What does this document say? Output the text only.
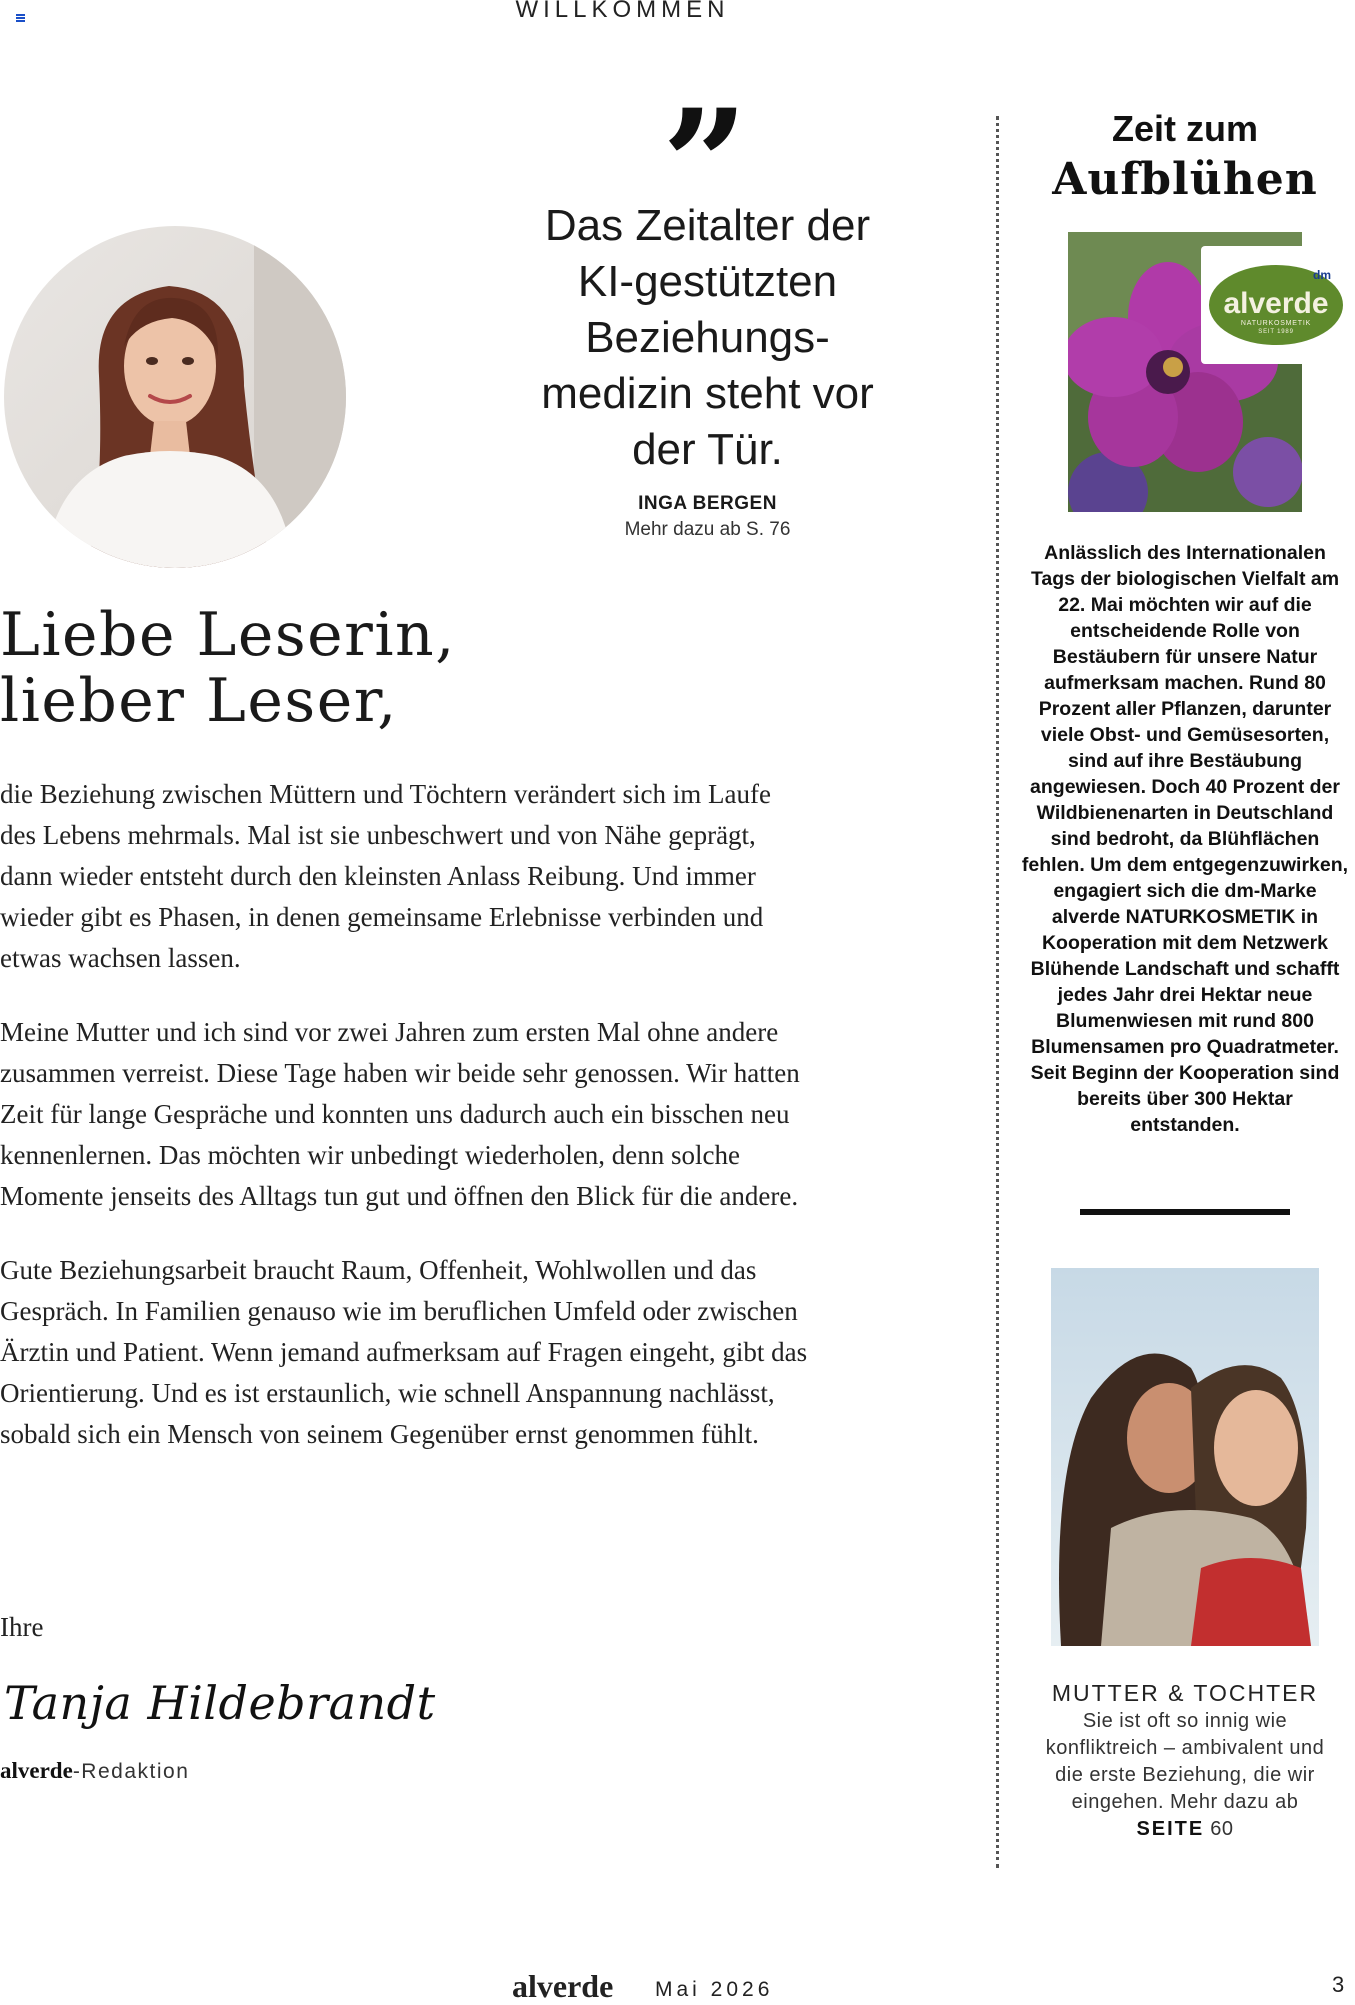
WILLKOMMEN
”
Das Zeitalter der KI-gestützten Beziehungs-medizin steht vor der Tür.
INGA BERGEN
Mehr dazu ab S. 76
Liebe Leserin,
lieber Leser,

die Beziehung zwischen Müttern und Töchtern verändert sich im Laufe des Lebens mehrmals. Mal ist sie unbeschwert und von Nähe geprägt, dann wieder entsteht durch den kleinsten Anlass Reibung. Und immer wieder gibt es Phasen, in denen gemeinsame Erlebnisse verbinden und etwas wachsen lassen.

Meine Mutter und ich sind vor zwei Jahren zum ersten Mal ohne andere zusammen verreist. Diese Tage haben wir beide sehr genossen. Wir hatten Zeit für lange Gespräche und konnten uns dadurch auch ein bisschen neu kennenlernen. Das möchten wir unbedingt wiederholen, denn solche Momente jenseits des Alltags tun gut und öffnen den Blick für die andere.

Gute Beziehungsarbeit braucht Raum, Offenheit, Wohlwollen und das Gespräch. In Familien genauso wie im beruflichen Umfeld oder zwischen Ärztin und Patient. Wenn jemand aufmerksam auf Fragen eingeht, gibt das Orientierung. Und es ist erstaunlich, wie schnell Anspannung nachlässt, sobald sich ein Mensch von seinem Gegenüber ernst genommen fühlt.

Ihre
Tanja Hildebrandt
alverde-Redaktion
Zeit zum
Aufblühen
dm
alverde
NATURKOSMETIK
SEIT 1989
Anlässlich des Internationalen Tags der biologischen Vielfalt am 22. Mai möchten wir auf die entscheidende Rolle von Bestäubern für unsere Natur aufmerksam machen. Rund 80 Prozent aller Pflanzen, darunter viele Obst- und Gemüsesorten, sind auf ihre Bestäubung angewiesen. Doch 40 Prozent der Wildbienenarten in Deutschland sind bedroht, da Blühflächen fehlen. Um dem entgegenzuwirken, engagiert sich die dm-Marke alverde NATURKOSMETIK in Kooperation mit dem Netzwerk Blühende Landschaft und schafft jedes Jahr drei Hektar neue Blumenwiesen mit rund 800 Blumensamen pro Quadratmeter. Seit Beginn der Kooperation sind bereits über 300 Hektar entstanden.
MUTTER & TOCHTER
Sie ist oft so innig wie konfliktreich – ambivalent und die erste Beziehung, die wir eingehen. Mehr dazu ab SEITE 60
alverde Mai 2026	3
